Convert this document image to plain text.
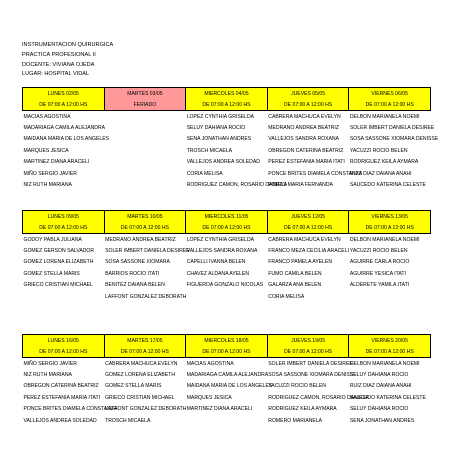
INSTRUMENTACION QUIRURGICA
PRACTICA PROFESIONAL II
DOCENTE: VIVIANA OJEDA
LUGAR: HOSPITAL VIDAL
LUNES 02/05	MARTES 03/05	MIERCOLES 04/05	JUEVES 05/05	VIERNES 06/05
DE 07:00 A 12:00 HS	FERIADO	DE 07:00 A 12:00 HS	DE 07:00 A 12:00 HS	DE 07:00 A 12:00 HS
MACIAS AGOSTINA		LOPEZ CYNTHIA GRISELDA	CABRERA MACHUCA EVELYN	DELBON MARIANELA NOEMI
MADARIAGA CAMILA ALEJANDRA		SELUY DAHIANA ROCIO	MEDRANO ANDREA BEATRIZ	SOLER IMBERT DANIELA DESIREE
MAIDANA MARIA DE LOS ANGELES		SENA JONATHAN ANDRES	VALLEJOS SANDRA ROXANA	SOSA SASSONE XIOMARA DENISSE
MARQUES JESICA		TROSCH MICAELA	OBREGON CATERINA BEATRIZ	YACUZZI ROCIO BELEN
MARTINEZ DIANA ARACELI		VALLEJOS ANDREA SOLEDAD	PEREZ ESTEFANIA MARIA ITATI	RODRIGUEZ KEILA AYMARA
MIÑO SERGIO JAVIER		CORIA MELISA	PONCE BRITES DIAMELA CONSTANZA	RUIZ DIAZ DAIANA ANAHI
NIZ RUTH MARIANA		RODRIGUEZ CAMON, ROSARIO DANIELA	PORTO MARIA FERNANDA	SAUCEDO KATERINA CELESTE
LUNES 09/05	MARTES 10/05	MIERCOLES 11/05	JUEVES 12/05	VIERNES 13/05
DE 07:00 A 12:00 HS	DE 07:00 A 12:00 HS	DE 07:00 A 12:00 HS	DE 07:00 A 12:00 HS	DE 07:00 A 12:00 HS
GODOY PABLA JULIANA	MEDRANO ANDREA BEATRIZ	LOPEZ CYNTHIA GRISELDA	CABRERA MACHUCA EVELYN	DELBON MARIANELA NOEMI
GOMEZ GERSON SALVADOR	SOLER IMBERT DANIELA DESIREE	VALLEJOS SANDRA ROXANA	FRANCO MEZA CECILIA ARACELI	YACUZZI ROCIO BELEN
GOMEZ LORENA ELIZABETH	SOSA SASSONE XIOMARA	CAPELLI IVANNA BELEN	FRANCO PAMELA AYELEN	AGUIRRE CARLA ROCIO
GOMEZ STELLA MARIS	BARRIOS ROCIO ITATI	CHAVEZ ALDANA AYELEN	FUMO CAMILA BELEN	AGUIRRE YESICA ITATI
GRIECO CRISTIAN MICHAEL	BENITEZ DAIANA BELEN	FIGUEROA GONZALO NICOLAS	GALARZA ANA BELEN	ALDERETE YAMILA ITATI
	LAFFONT GONZALEZ DEBORATH		CORIA MELISA	
LUNES 16/05	MARTES 17/05	MIERCOLES 18/05	JUEVES 19/05	VIERNES 20/05
DE 07:00 A 12:00 HS	DE 07:00 A 12:00 HS	DE 07:00 A 12:00 HS	DE 07:00 A 12:00 HS	DE 07:00 A 12:00 HS
MIÑO SERGIO JAVIER	CABRERA MACHUCA EVELYN	MACIAS AGOSTINA	SOLER IMBERT DANIELA DESIREE	DELBON MARIANELA NOEMI
NIZ RUTH MARIANA	GOMEZ LORENA ELIZABETH	MADARIAGA CAMILA ALEJANDRA	SOSA SASSONE XIOMARA DENISSE	SELUY DAHIANA ROCIO
OBREGON CATERINA BEATRIZ	GOMEZ STELLA MARIS	MAIDANA MARIA DE LOS ANGELES	YACUZZI ROCIO BELEN	RUIZ DIAZ DAIANA ANAHI
PEREZ ESTEFANIA MARIA ITATI	GRIECO CRISTIAN MICHAEL	MARQUES JESICA	RODRIGUEZ CAMON, ROSARIO DANIELA	SAUCEDO KATERINA CELESTE
PONCE BRITES DIAMELA CONSTANZA	LAFFONT GONZALEZ DEBORATH	MARTINEZ DIANA ARACELI	RODRIGUEZ KEILA AYMARA	SELUY DAHIANA ROCIO
VALLEJOS ANDREA SOLEDAD	TROSCH MICAELA		ROMERO MARIANELA	SENA JONATHAN ANDRES
